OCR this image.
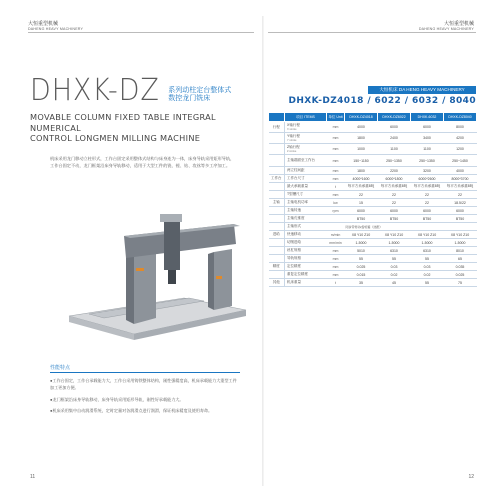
大恒重型机械
DAHENG HEAVY MACHINERY
DHXK-DZ 系列动柱定台整体式
数控龙门铣床
MOVABLE COLUMN FIXED TABLE INTEGRAL NUMERICAL
CONTROL LONGMEN MILLING MACHINE
机床采用龙门移动立柱形式，工作台固定采用整体式结构与床身连为一体，床身导轨采用矩形导轨，工作台固定不动，龙门框架沿床身导轨移动，适用于大型工件的铣、镗、钻、攻丝等多工序加工。
性能特点

●工作台固定，工作台承载能力大，工作台采用铸铁整体结构，刚性强精度高，机床承载能力大重型工件加工更加方便。

●龙门框架沿床身导轨移动，床身导轨采用矩形导轨，刚性好承载能力大。

●机床采用集中自动润滑系统，定时定量对各润滑点进行润滑，保证机床精度及使用寿命。

11
大恒重型机械
DAHENG HEAVY MACHINERY
大恒机床 DA HENG HEAVY MACHINERY
DHXK-DZ4018 / 6022 / 6032 / 8040
	项目 ITEMS	单位 Unit	DHXK-DZ4018	DHXK-DZ6022	DHXK-6032	DHXK-DZ8040
行程	X轴行程
X stroke	mm	4000	6000	6000	8000
	Y轴行程
Y stroke	mm	1800	2400	3400	4200
	Z轴行程
Z stroke	mm	1000	1100	1100	1200
	主轴端面至工作台	mm	150~1150	250~1350	250~1350	250~1450
	两立柱间距	mm	1800	2200	3200	4000
工作台	工作台尺寸	mm	4000*1600	6000*1800	6000*2600	8000*3700
	最大承载重量	t	每平方米承重8吨	每平方米承重8吨	每平方米承重8吨	每平方米承重8吨
	T型槽尺寸	mm	22	22	22	22
主轴	主轴电机功率	kw	15	22	22	18.5/22
	主轴转速	rpm	6000	6000	6000	6000
	主轴孔锥度		BT50	BT50	BT50	BT50
	主轴形式		同步带传动/齿轮箱（选配）			
进给	快速移动	m/min	X8 Y10 Z10	X8 Y10 Z10	X8 Y10 Z10	X8 Y10 Z10
	切削进给	mm/min	1-5000	1-5000	1-5000	1-5000
	丝杠规格	mm	5010	6310	6310	8010
	导轨规格	mm	55	55	55	65
精度	定位精度	mm	0.025	0.03	0.03	0.035
	重复定位精度	mm	0.015	0.02	0.02	0.025
其他	机床重量	t	35	45	55	75
12
